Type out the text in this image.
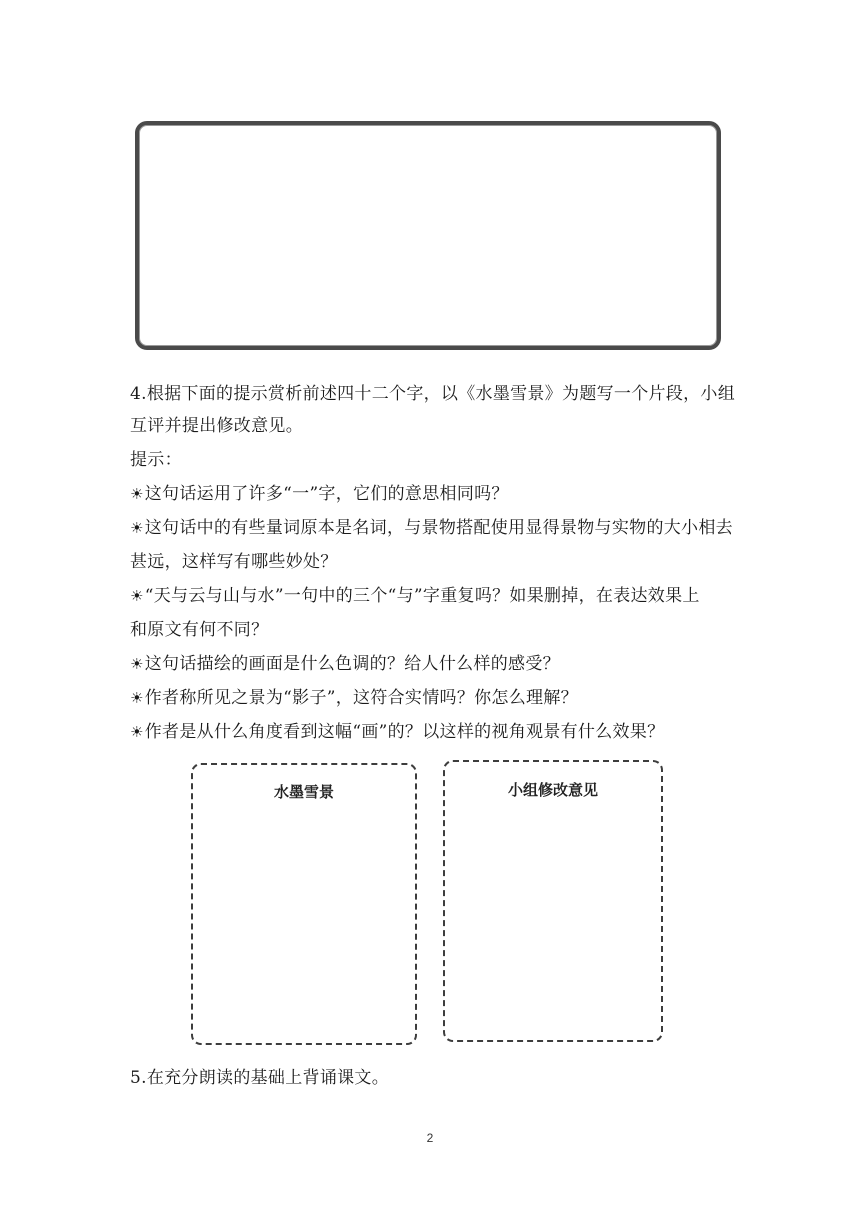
4.根据下面的提示赏析前述四十二个字，以《水墨雪景》为题写一个片段，小组
互评并提出修改意见。
提示：
☀这句话运用了许多“一”字，它们的意思相同吗？
☀这句话中的有些量词原本是名词，与景物搭配使用显得景物与实物的大小相去
甚远，这样写有哪些妙处？
☀“天与云与山与水”一句中的三个“与”字重复吗？如果删掉，在表达效果上
和原文有何不同？
☀这句话描绘的画面是什么色调的？给人什么样的感受？
☀作者称所见之景为“影子”，这符合实情吗？你怎么理解？
☀作者是从什么角度看到这幅“画”的？以这样的视角观景有什么效果？
水墨雪景	小组修改意见
5.在充分朗读的基础上背诵课文。
2
